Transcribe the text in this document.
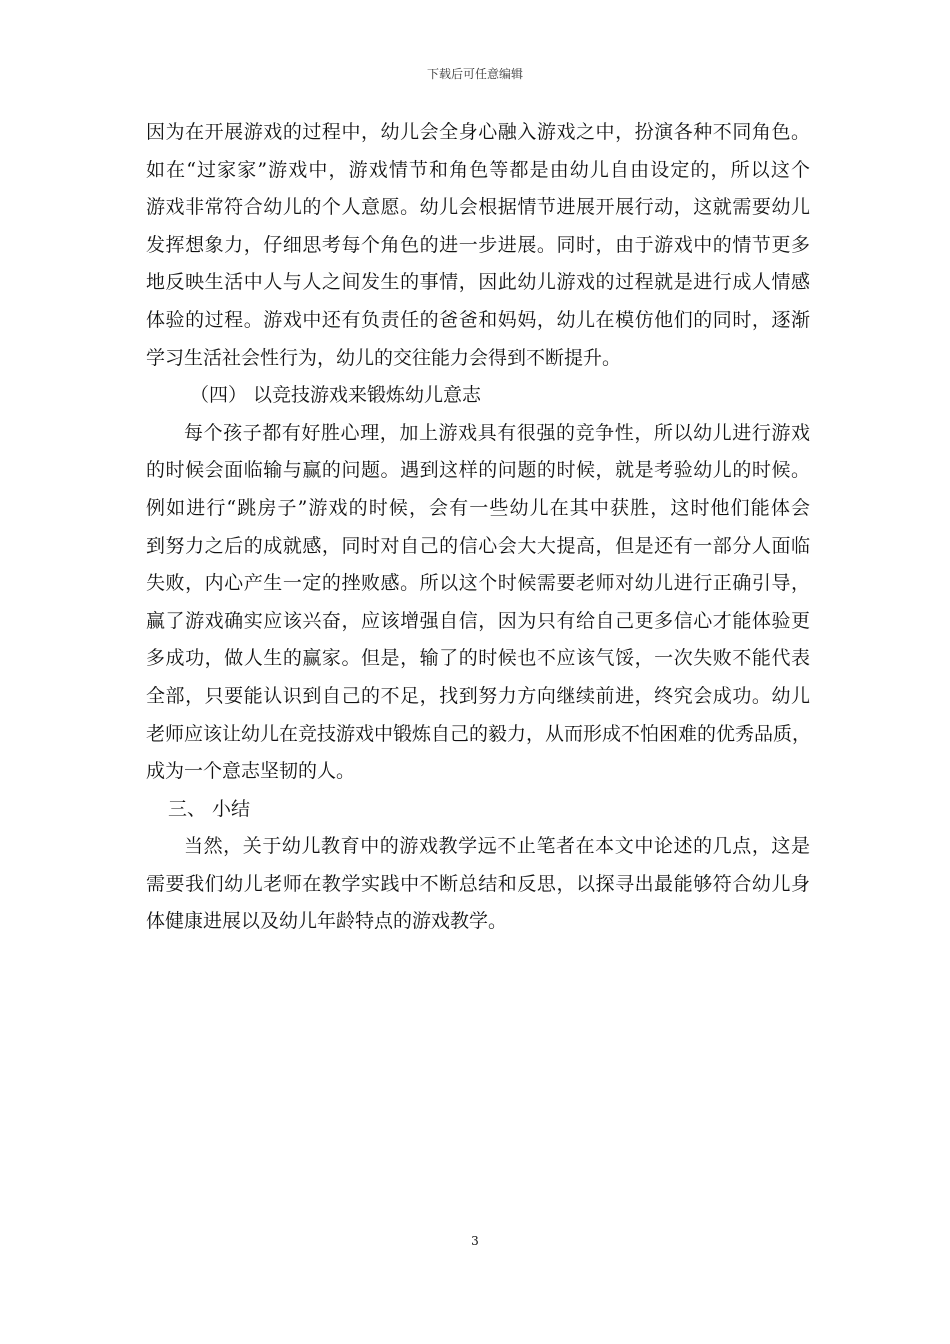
下载后可任意编辑
因为在开展游戏的过程中，幼儿会全身心融入游戏之中，扮演各种不同角色。
如在“过家家”游戏中，游戏情节和角色等都是由幼儿自由设定的，所以这个
游戏非常符合幼儿的个人意愿。幼儿会根据情节进展开展行动，这就需要幼儿
发挥想象力，仔细思考每个角色的进一步进展。同时，由于游戏中的情节更多
地反映生活中人与人之间发生的事情，因此幼儿游戏的过程就是进行成人情感
体验的过程。游戏中还有负责任的爸爸和妈妈，幼儿在模仿他们的同时，逐渐
学习生活社会性行为，幼儿的交往能力会得到不断提升。
（四） 以竞技游戏来锻炼幼儿意志
每个孩子都有好胜心理，加上游戏具有很强的竞争性，所以幼儿进行游戏
的时候会面临输与赢的问题。遇到这样的问题的时候，就是考验幼儿的时候。
例如进行“跳房子”游戏的时候，会有一些幼儿在其中获胜，这时他们能体会
到努力之后的成就感，同时对自己的信心会大大提高，但是还有一部分人面临
失败，内心产生一定的挫败感。所以这个时候需要老师对幼儿进行正确引导，
赢了游戏确实应该兴奋，应该增强自信，因为只有给自己更多信心才能体验更
多成功，做人生的赢家。但是，输了的时候也不应该气馁，一次失败不能代表
全部，只要能认识到自己的不足，找到努力方向继续前进，终究会成功。幼儿
老师应该让幼儿在竞技游戏中锻炼自己的毅力，从而形成不怕困难的优秀品质，
成为一个意志坚韧的人。
三、 小结
当然，关于幼儿教育中的游戏教学远不止笔者在本文中论述的几点，这是
需要我们幼儿老师在教学实践中不断总结和反思，以探寻出最能够符合幼儿身
体健康进展以及幼儿年龄特点的游戏教学。
3
